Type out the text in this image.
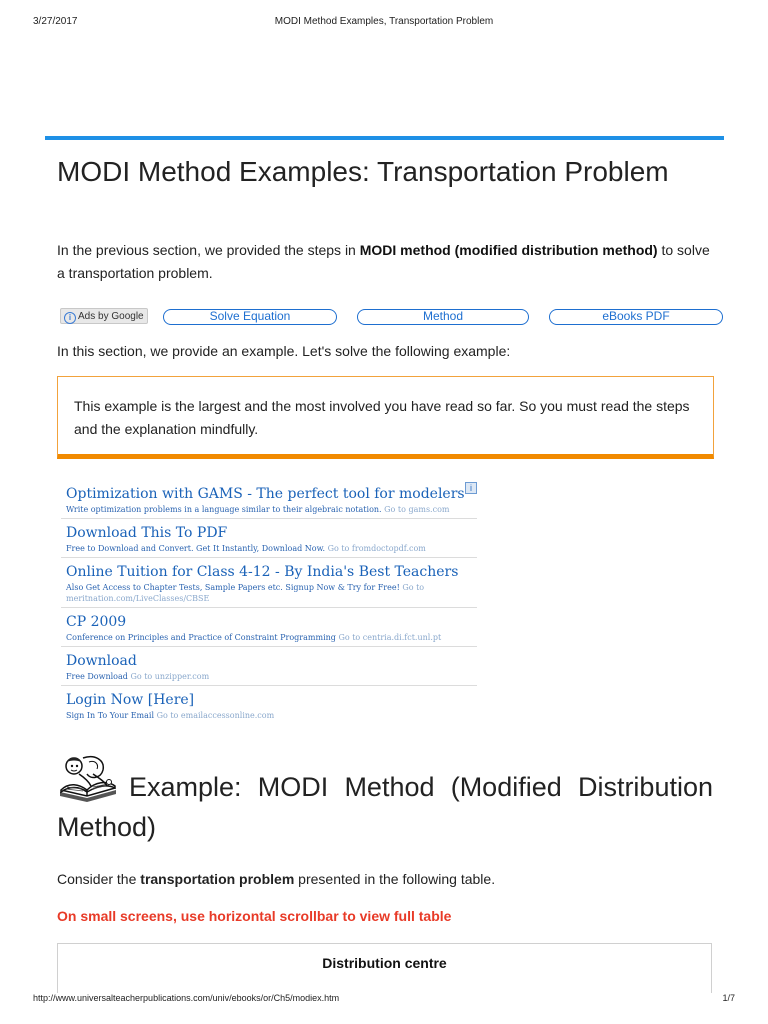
3/27/2017	MODI Method Examples, Transportation Problem
MODI Method Examples: Transportation Problem

In the previous section, we provided the steps in MODI method (modified distribution method) to solve a transportation problem.

i Ads by Google	Solve Equation	Method	eBooks PDF

In this section, we provide an example. Let's solve the following example:

This example is the largest and the most involved you have read so far. So you must read the steps and the explanation mindfully.

i
Optimization with GAMS - The perfect tool for modelers
Write optimization problems in a language similar to their algebraic notation. Go to gams.com
Download This To PDF
Free to Download and Convert. Get It Instantly, Download Now. Go to fromdoctopdf.com
Online Tuition for Class 4-12 - By India's Best Teachers
Also Get Access to Chapter Tests, Sample Papers etc. Signup Now & Try for Free! Go to meritnation.com/LiveClasses/CBSE
CP 2009
Conference on Principles and Practice of Constraint Programming Go to centria.di.fct.unl.pt
Download
Free Download Go to unzipper.com
Login Now [Here]
Sign In To Your Email Go to emailaccessonline.com
Example: MODI Method (Modified Distribution Method)

Consider the transportation problem presented in the following table.

On small screens, use horizontal scrollbar to view full table

Distribution centre
http://www.universalteacherpublications.com/univ/ebooks/or/Ch5/modiex.htm	1/7
